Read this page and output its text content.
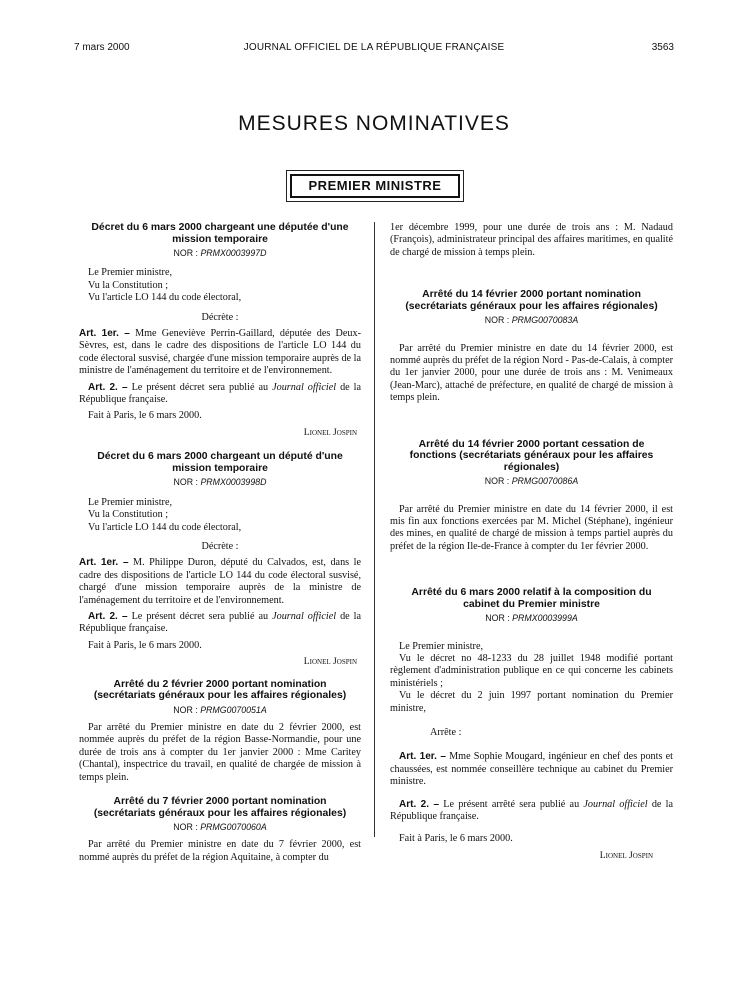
7 mars 2000	JOURNAL OFFICIEL DE LA RÉPUBLIQUE FRANÇAISE	3563
MESURES NOMINATIVES
PREMIER MINISTRE
Décret du 6 mars 2000 chargeant une députée d'une mission temporaire
NOR : PRMX0003997D

Le Premier ministre,

Vu la Constitution ;

Vu l'article LO 144 du code électoral,

Décrète :

Art. 1er. – Mme Geneviève Perrin-Gaillard, députée des Deux-Sèvres, est, dans le cadre des dispositions de l'article LO 144 du code électoral susvisé, chargée d'une mission temporaire auprès de la ministre de l'aménagement du territoire et de l'environnement.

Art. 2. – Le présent décret sera publié au Journal officiel de la République française.

Fait à Paris, le 6 mars 2000.

Lionel Jospin
Décret du 6 mars 2000 chargeant un député d'une mission temporaire
NOR : PRMX0003998D

Le Premier ministre,

Vu la Constitution ;

Vu l'article LO 144 du code électoral,

Décrète :

Art. 1er. – M. Philippe Duron, député du Calvados, est, dans le cadre des dispositions de l'article LO 144 du code électoral susvisé, chargé d'une mission temporaire auprès de la ministre de l'aménagement du territoire et de l'environnement.

Art. 2. – Le présent décret sera publié au Journal officiel de la République française.

Fait à Paris, le 6 mars 2000.

Lionel Jospin
Arrêté du 2 février 2000 portant nomination (secrétariats généraux pour les affaires régionales)
NOR : PRMG0070051A

Par arrêté du Premier ministre en date du 2 février 2000, est nommée auprès du préfet de la région Basse-Normandie, pour une durée de trois ans à compter du 1er janvier 2000 : Mme Caritey (Chantal), inspectrice du travail, en qualité de chargée de mission à temps plein.

Arrêté du 7 février 2000 portant nomination (secrétariats généraux pour les affaires régionales)
NOR : PRMG0070060A

Par arrêté du Premier ministre en date du 7 février 2000, est nommé auprès du préfet de la région Aquitaine, à compter du

1er décembre 1999, pour une durée de trois ans : M. Nadaud (François), administrateur principal des affaires maritimes, en qualité de chargé de mission à temps plein.

Arrêté du 14 février 2000 portant nomination (secrétariats généraux pour les affaires régionales)
NOR : PRMG0070083A

Par arrêté du Premier ministre en date du 14 février 2000, est nommé auprès du préfet de la région Nord - Pas-de-Calais, à compter du 1er janvier 2000, pour une durée de trois ans : M. Venimeaux (Jean-Marc), attaché de préfecture, en qualité de chargé de mission à temps plein.

Arrêté du 14 février 2000 portant cessation de fonctions (secrétariats généraux pour les affaires régionales)
NOR : PRMG0070086A

Par arrêté du Premier ministre en date du 14 février 2000, il est mis fin aux fonctions exercées par M. Michel (Stéphane), ingénieur des mines, en qualité de chargé de mission à temps partiel auprès du préfet de la région Ile-de-France à compter du 1er février 2000.

Arrêté du 6 mars 2000 relatif à la composition du cabinet du Premier ministre
NOR : PRMX0003999A

Le Premier ministre,

Vu le décret no 48-1233 du 28 juillet 1948 modifié portant règlement d'administration publique en ce qui concerne les cabinets ministériels ;

Vu le décret du 2 juin 1997 portant nomination du Premier ministre,

Arrête :

Art. 1er. – Mme Sophie Mougard, ingénieur en chef des ponts et chaussées, est nommée conseillère technique au cabinet du Premier ministre.

Art. 2. – Le présent arrêté sera publié au Journal officiel de la République française.

Fait à Paris, le 6 mars 2000.

Lionel Jospin
